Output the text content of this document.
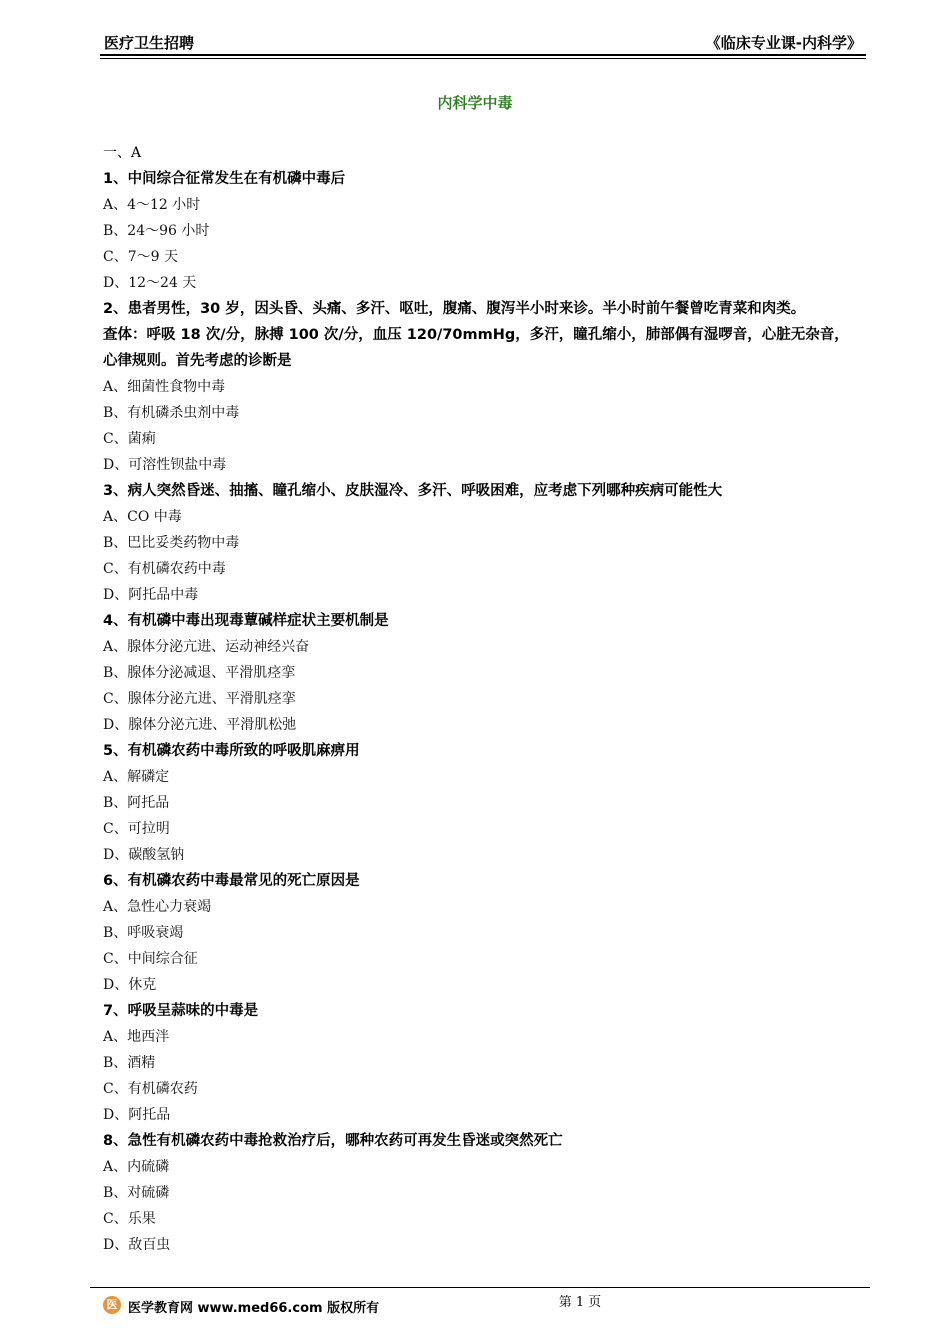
医疗卫生招聘	《临床专业课-内科学》
内科学中毒
一、A
1、中间综合征常发生在有机磷中毒后
A、4～12 小时
B、24～96 小时
C、7～9 天
D、12～24 天
2、患者男性，30 岁，因头昏、头痛、多汗、呕吐，腹痛、腹泻半小时来诊。半小时前午餐曾吃青菜和肉类。
查体：呼吸 18 次/分，脉搏 100 次/分，血压 120/70mmHg，多汗，瞳孔缩小，肺部偶有湿啰音，心脏无杂音，
心律规则。首先考虑的诊断是
A、细菌性食物中毒
B、有机磷杀虫剂中毒
C、菌痢
D、可溶性钡盐中毒
3、病人突然昏迷、抽搐、瞳孔缩小、皮肤湿冷、多汗、呼吸困难，应考虑下列哪种疾病可能性大
A、CO 中毒
B、巴比妥类药物中毒
C、有机磷农药中毒
D、阿托品中毒
4、有机磷中毒出现毒蕈碱样症状主要机制是
A、腺体分泌亢进、运动神经兴奋
B、腺体分泌减退、平滑肌痉挛
C、腺体分泌亢进、平滑肌痉挛
D、腺体分泌亢进、平滑肌松弛
5、有机磷农药中毒所致的呼吸肌麻痹用
A、解磷定
B、阿托品
C、可拉明
D、碳酸氢钠
6、有机磷农药中毒最常见的死亡原因是
A、急性心力衰竭
B、呼吸衰竭
C、中间综合征
D、休克
7、呼吸呈蒜味的中毒是
A、地西泮
B、酒精
C、有机磷农药
D、阿托品
8、急性有机磷农药中毒抢救治疗后，哪种农药可再发生昏迷或突然死亡
A、内硫磷
B、对硫磷
C、乐果
D、敌百虫
医 医学教育网 www.med66.com 版权所有	第 1 页
